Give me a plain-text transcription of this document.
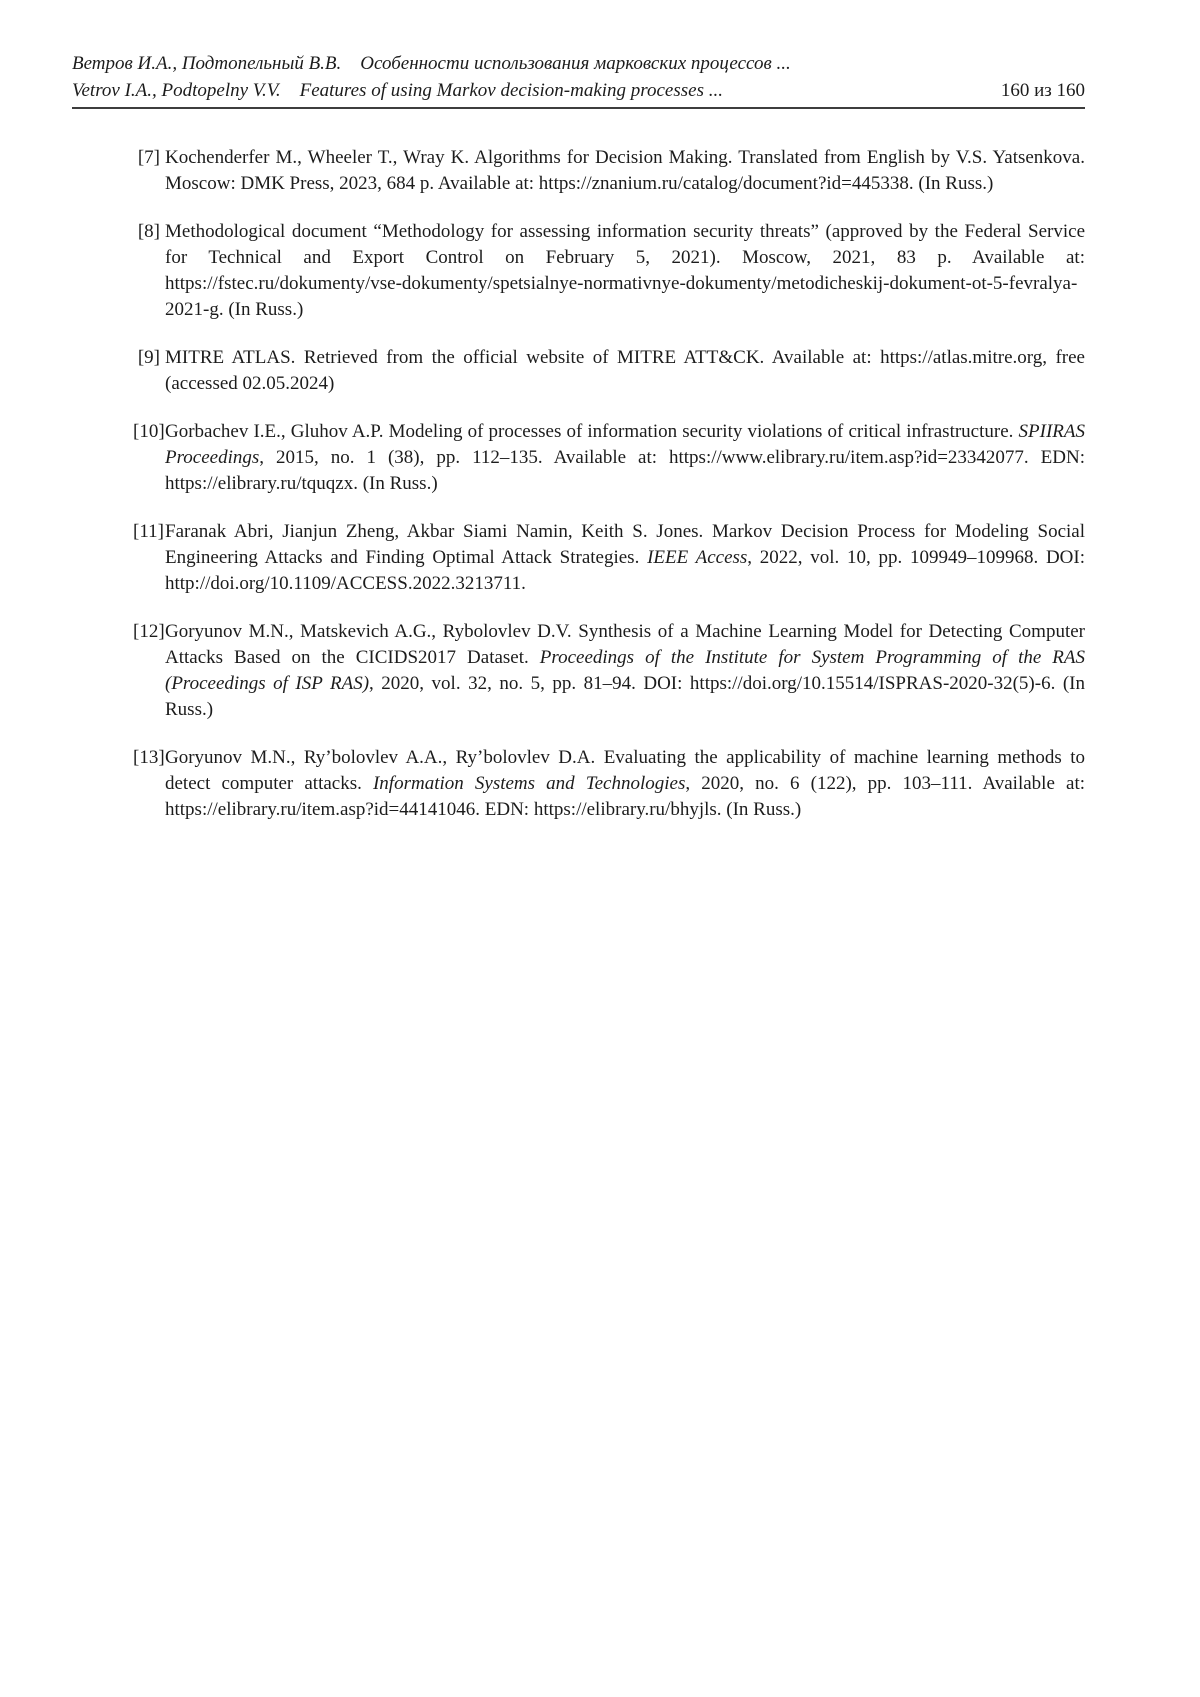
Ветров И.А., Подтопельный В.В.  Особенности использования марковских процессов ...
Vetrov I.A., Podtopelny V.V.  Features of using Markov decision-making processes ...	160 из 160
[7] Kochenderfer M., Wheeler T., Wray K. Algorithms for Decision Making. Translated from English by V.S. Yatsenkova. Moscow: DMK Press, 2023, 684 p. Available at: https://znanium.ru/catalog/document?id=445338. (In Russ.)
[8] Methodological document “Methodology for assessing information security threats” (approved by the Federal Service for Technical and Export Control on February 5, 2021). Moscow, 2021, 83 p. Available at: https://fstec.ru/dokumenty/vse-dokumenty/spetsialnye-normativnye-dokumenty/metodicheskij-dokument-ot-5-fevralya-2021-g. (In Russ.)
[9] MITRE ATLAS. Retrieved from the official website of MITRE ATT&CK. Available at: https://atlas.mitre.org, free (accessed 02.05.2024)
[10] Gorbachev I.E., Gluhov A.P. Modeling of processes of information security violations of critical infrastructure. SPIIRAS Proceedings, 2015, no. 1 (38), pp. 112–135. Available at: https://www.elibrary.ru/item.asp?id=23342077. EDN: https://elibrary.ru/tquqzx. (In Russ.)
[11] Faranak Abri, Jianjun Zheng, Akbar Siami Namin, Keith S. Jones. Markov Decision Process for Modeling Social Engineering Attacks and Finding Optimal Attack Strategies. IEEE Access, 2022, vol. 10, pp. 109949–109968. DOI: http://doi.org/10.1109/ACCESS.2022.3213711.
[12] Goryunov M.N., Matskevich A.G., Rybolovlev D.V. Synthesis of a Machine Learning Model for Detecting Computer Attacks Based on the CICIDS2017 Dataset. Proceedings of the Institute for System Programming of the RAS (Proceedings of ISP RAS), 2020, vol. 32, no. 5, pp. 81–94. DOI: https://doi.org/10.15514/ISPRAS-2020-32(5)-6. (In Russ.)
[13] Goryunov M.N., Ry’bolovlev A.A., Ry’bolovlev D.A. Evaluating the applicability of machine learning methods to detect computer attacks. Information Systems and Technologies, 2020, no. 6 (122), pp. 103–111. Available at: https://elibrary.ru/item.asp?id=44141046. EDN: https://elibrary.ru/bhyjls. (In Russ.)
